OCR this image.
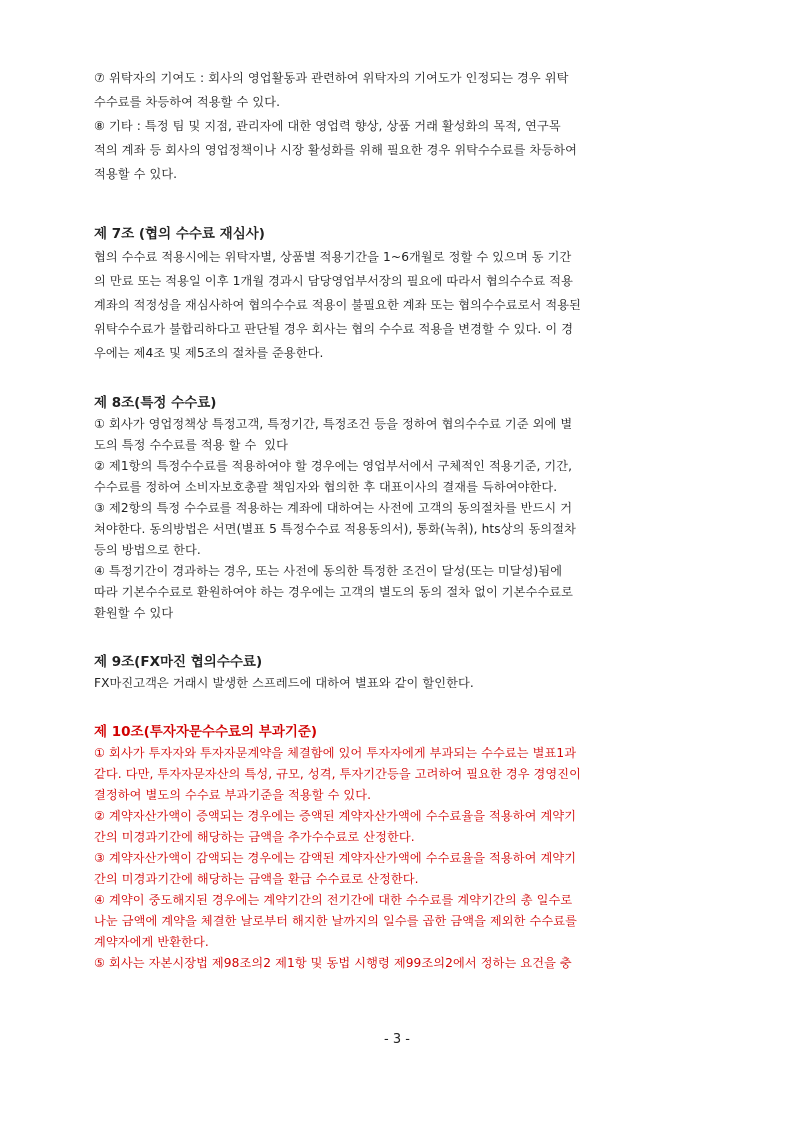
⑦ 위탁자의 기여도 : 회사의 영업활동과 관련하여 위탁자의 기여도가 인정되는 경우 위탁

수수료를 차등하여 적용할 수 있다.

⑧ 기타 : 특정 팀 및 지점, 관리자에 대한 영업력 향상, 상품 거래 활성화의 목적, 연구목

적의 계좌 등 회사의 영업정책이나 시장 활성화를 위해 필요한 경우 위탁수수료를 차등하여

적용할 수 있다.

제 7조 (협의 수수료 재심사)

협의 수수료 적용시에는 위탁자별, 상품별 적용기간을 1~6개월로 정할 수 있으며 동 기간

의 만료 또는 적용일 이후 1개월 경과시 담당영업부서장의 필요에 따라서 협의수수료 적용

계좌의 적정성을 재심사하여 협의수수료 적용이 불필요한 계좌 또는 협의수수료로서 적용된

위탁수수료가 불합리하다고 판단될 경우 회사는 협의 수수료 적용을 변경할 수 있다. 이 경

우에는 제4조 및 제5조의 절차를 준용한다.

제 8조(특정 수수료)

① 회사가 영업정책상 특정고객, 특정기간, 특정조건 등을 정하여 협의수수료 기준 외에 별

도의 특정 수수료를 적용 할 수  있다

② 제1항의 특정수수료를 적용하여야 할 경우에는 영업부서에서 구체적인 적용기준, 기간,

수수료를 정하여 소비자보호총괄 책임자와 협의한 후 대표이사의 결재를 득하여야한다.

③ 제2항의 특정 수수료를 적용하는 계좌에 대하여는 사전에 고객의 동의절차를 반드시 거

쳐야한다. 동의방법은 서면(별표 5 특정수수료 적용동의서), 통화(녹취), hts상의 동의절차

등의 방법으로 한다.

④ 특정기간이 경과하는 경우, 또는 사전에 동의한 특정한 조건이 달성(또는 미달성)됨에

따라 기본수수료로 환원하여야 하는 경우에는 고객의 별도의 동의 절차 없이 기본수수료로

환원할 수 있다

제 9조(FX마진 협의수수료)

FX마진고객은 거래시 발생한 스프레드에 대하여 별표와 같이 할인한다.

제 10조(투자자문수수료의 부과기준)

① 회사가 투자자와 투자자문계약을 체결함에 있어 투자자에게 부과되는 수수료는 별표1과

같다. 다만, 투자자문자산의 특성, 규모, 성격, 투자기간등을 고려하여 필요한 경우 경영진이

결정하여 별도의 수수료 부과기준을 적용할 수 있다.

② 계약자산가액이 증액되는 경우에는 증액된 계약자산가액에 수수료율을 적용하여 계약기

간의 미경과기간에 해당하는 금액을 추가수수료로 산정한다.

③ 계약자산가액이 감액되는 경우에는 감액된 계약자산가액에 수수료율을 적용하여 계약기

간의 미경과기간에 해당하는 금액을 환급 수수료로 산정한다.

④ 계약이 중도해지된 경우에는 계약기간의 전기간에 대한 수수료를 계약기간의 총 일수로

나눈 금액에 계약을 체결한 날로부터 해지한 날까지의 일수를 곱한 금액을 제외한 수수료를

계약자에게 반환한다.

⑤ 회사는 자본시장법 제98조의2 제1항 및 동법 시행령 제99조의2에서 정하는 요건을 충

- 3 -
